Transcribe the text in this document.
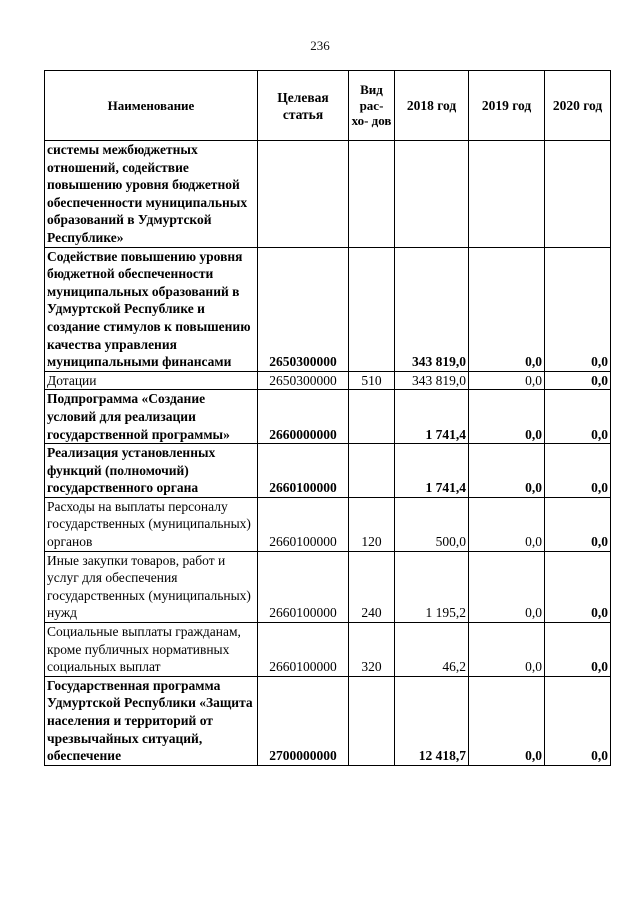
236
Наименование	Целевая статья	Вид рас- хо- дов	2018 год	2019 год	2020 год
системы межбюджетных отношений, содействие повышению уровня бюджетной обеспеченности муниципальных образований в Удмуртской Республике»					
Содействие повышению уровня бюджетной обеспеченности муниципальных образований в Удмуртской Республике и создание стимулов к повышению качества управления муниципальными финансами	2650300000		343 819,0	0,0	0,0
Дотации	2650300000	510	343 819,0	0,0	0,0
Подпрограмма «Создание условий для реализации государственной программы»	2660000000		1 741,4	0,0	0,0
Реализация установленных функций (полномочий) государственного органа	2660100000		1 741,4	0,0	0,0
Расходы на выплаты персоналу государственных (муниципальных) органов	2660100000	120	500,0	0,0	0,0
Иные закупки товаров, работ и услуг для обеспечения государственных (муниципальных) нужд	2660100000	240	1 195,2	0,0	0,0
Социальные выплаты гражданам, кроме публичных нормативных социальных выплат	2660100000	320	46,2	0,0	0,0
Государственная программа Удмуртской Республики «Защита населения и территорий от чрезвычайных ситуаций, обеспечение	2700000000		12 418,7	0,0	0,0
